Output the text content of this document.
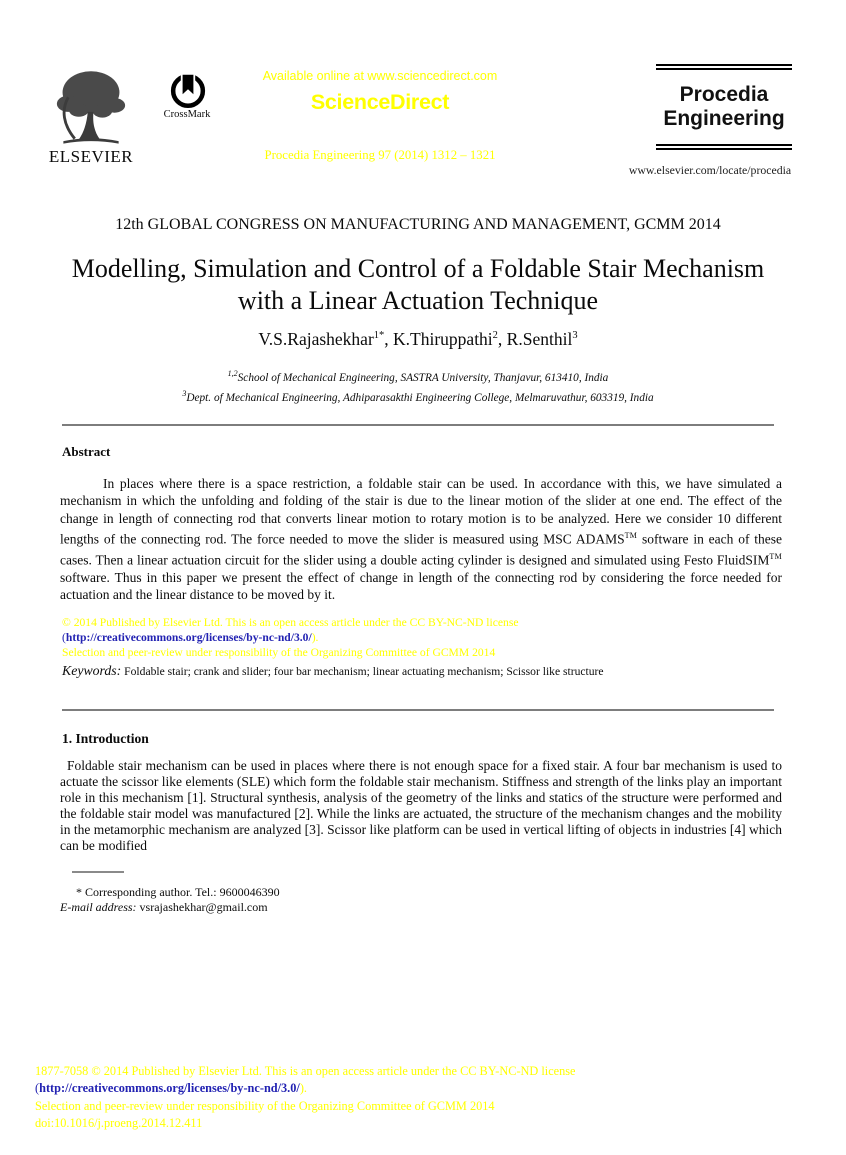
ELSEVIER
CrossMark
Available online at www.sciencedirect.com
ScienceDirect
Procedia Engineering 97 (2014) 1312 – 1321
Procedia
Engineering
www.elsevier.com/locate/procedia
12th GLOBAL CONGRESS ON MANUFACTURING AND MANAGEMENT, GCMM 2014
Modelling, Simulation and Control of a Foldable Stair Mechanism
with a Linear Actuation Technique
V.S.Rajashekhar$^{1*}$, K.Thiruppathi$^2$, R.Senthil$^3$
$^{1,2}$School of Mechanical Engineering, SASTRA University, Thanjavur, 613410, India
$^3$Dept. of Mechanical Engineering, Adhiparasakthi Engineering College, Melmaruvathur, 603319, India
Abstract
In places where there is a space restriction, a foldable stair can be used. In accordance with this, we have simulated a mechanism in which the unfolding and folding of the stair is due to the linear motion of the slider at one end. The effect of the change in length of connecting rod that converts linear motion to rotary motion is to be analyzed. Here we consider 10 different lengths of the connecting rod. The force needed to move the slider is measured using MSC ADAMS™ software in each of these cases. Then a linear actuation circuit for the slider using a double acting cylinder is designed and simulated using Festo FluidSIM™ software. Thus in this paper we present the effect of change in length of the connecting rod by considering the force needed for actuation and the linear distance to be moved by it.
© 2014 Published by Elsevier Ltd. This is an open access article under the CC BY-NC-ND license
(http://creativecommons.org/licenses/by-nc-nd/3.0/).
Selection and peer-review under responsibility of the Organizing Committee of GCMM 2014
Keywords: Foldable stair; crank and slider; four bar mechanism; linear actuating mechanism; Scissor like structure
1. Introduction
Foldable stair mechanism can be used in places where there is not enough space for a fixed stair. A four bar mechanism is used to actuate the scissor like elements (SLE) which form the foldable stair mechanism. Stiffness and strength of the links play an important role in this mechanism [1]. Structural synthesis, analysis of the geometry of the links and statics of the structure were performed and the foldable stair model was manufactured [2]. While the links are actuated, the structure of the mechanism changes and the mobility in the metamorphic mechanism are analyzed [3]. Scissor like platform can be used in vertical lifting of objects in industries [4] which can be modified
* Corresponding author. Tel.: 9600046390
E-mail address: vsrajashekhar@gmail.com
1877-7058 © 2014 Published by Elsevier Ltd. This is an open access article under the CC BY-NC-ND license
(http://creativecommons.org/licenses/by-nc-nd/3.0/).
Selection and peer-review under responsibility of the Organizing Committee of GCMM 2014
doi:10.1016/j.proeng.2014.12.411
